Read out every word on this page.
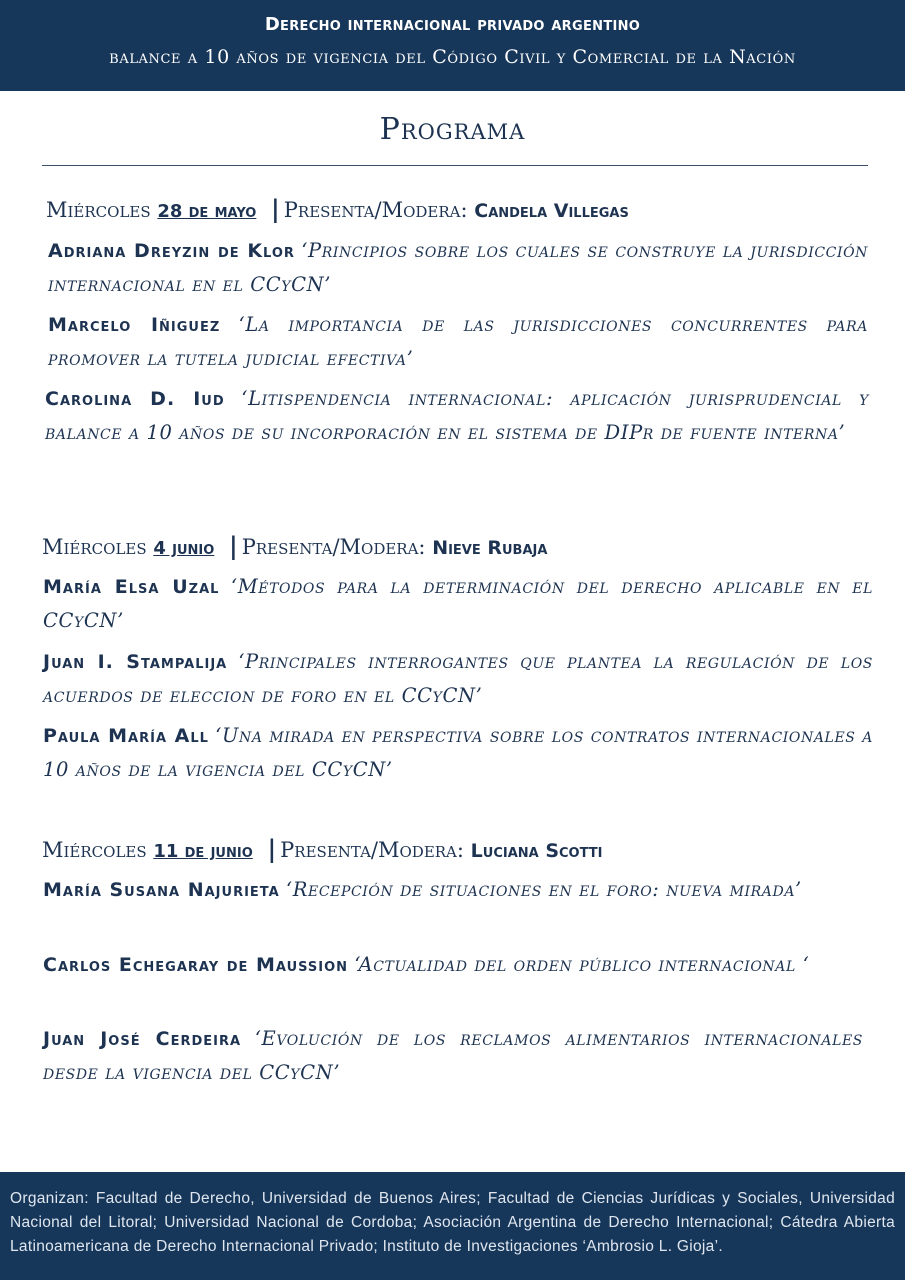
Derecho internacional privado argentino
balance a 10 años de vigencia del Código Civil y Comercial de la Nación
Programa
Miércoles 28 de mayo | Presenta/Modera: Candela Villegas
Adriana Dreyzin de Klor ‘Principios sobre los cuales se construye la jurisdicción internacional en el CCyCN’
Marcelo Iñiguez ‘La importancia de las jurisdicciones concurrentes para promover la tutela judicial efectiva’
Carolina D. Iud ‘Litispendencia internacional: aplicación jurisprudencial y balance a 10 años de su incorporación en el sistema de DIPr de fuente interna’
Miércoles 4 junio | Presenta/Modera: Nieve Rubaja
María Elsa Uzal ‘Métodos para la determinación del derecho aplicable en el CCyCN’
Juan I. Stampalija ‘Principales interrogantes que plantea la regulación de los acuerdos de eleccion de foro en el CCyCN’
Paula María All ‘Una mirada en perspectiva sobre los contratos internacionales a 10 años de la vigencia del CCyCN’
Miércoles 11 de junio | Presenta/Modera: Luciana Scotti
María Susana Najurieta ‘Recepción de situaciones en el foro: nueva mirada’
Carlos Echegaray de Maussion ‘Actualidad del orden público internacional ‘
Juan José Cerdeira ‘Evolución de los reclamos alimentarios internacionales desde la vigencia del CCyCN’
Organizan: Facultad de Derecho, Universidad de Buenos Aires; Facultad de Ciencias Jurídicas y Sociales, Universidad Nacional del Litoral; Universidad Nacional de Cordoba; Asociación Argentina de Derecho Internacional; Cátedra Abierta Latinoamericana de Derecho Internacional Privado; Instituto de Investigaciones ‘Ambrosio L. Gioja’.
